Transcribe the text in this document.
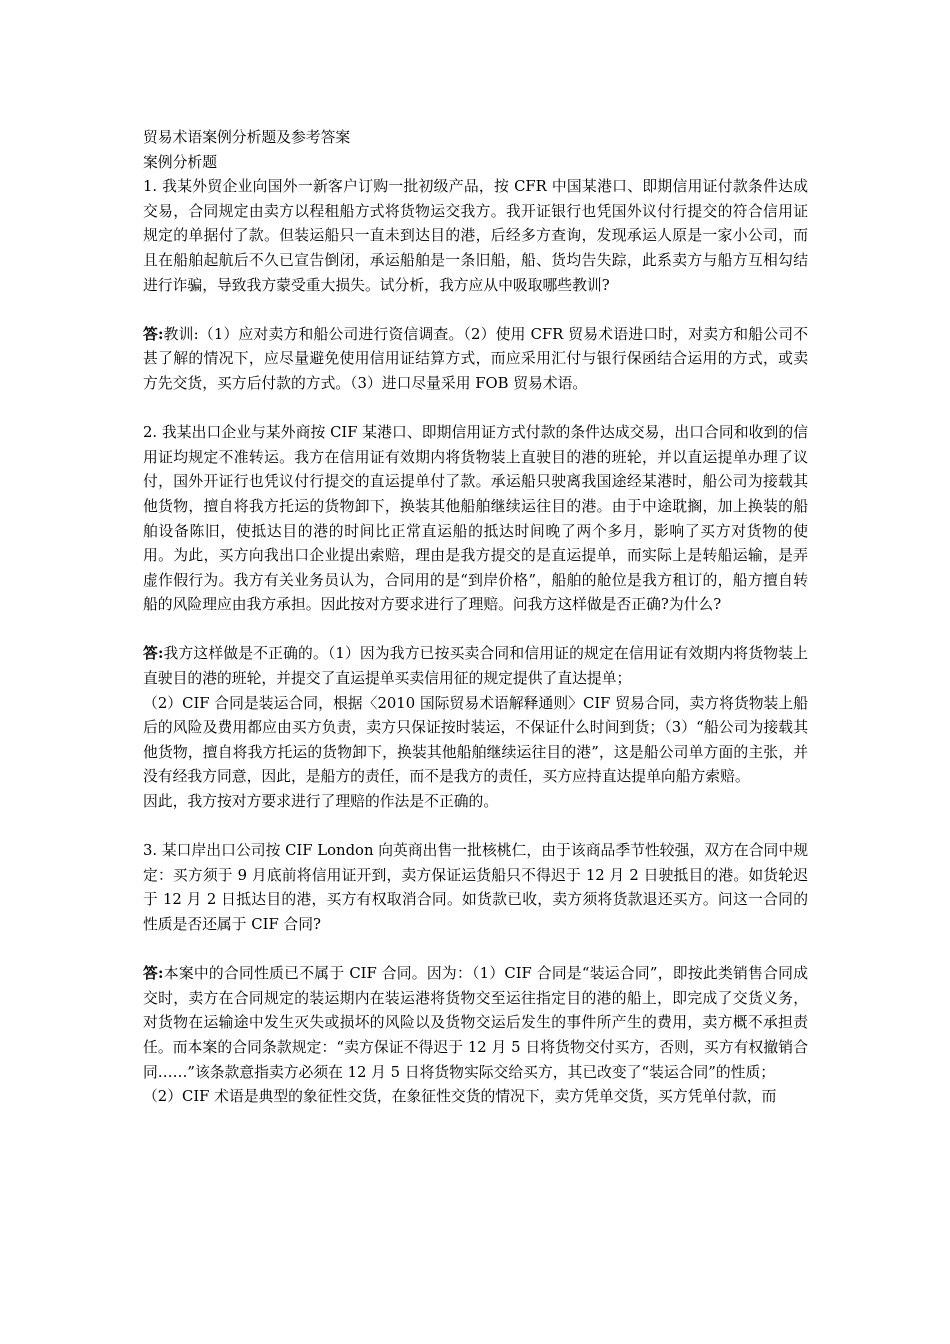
贸易术语案例分析题及参考答案

案例分析题

1. 我某外贸企业向国外一新客户订购一批初级产品，按 CFR 中国某港口、即期信用证付款条件达成交易，合同规定由卖方以程租船方式将货物运交我方。我开证银行也凭国外议付行提交的符合信用证规定的单据付了款。但装运船只一直未到达目的港，后经多方查询，发现承运人原是一家小公司，而且在船舶起航后不久已宣告倒闭，承运船舶是一条旧船，船、货均告失踪，此系卖方与船方互相勾结进行诈骗，导致我方蒙受重大损失。试分析，我方应从中吸取哪些教训?

答:教训:（1）应对卖方和船公司进行资信调查。（2）使用 CFR 贸易术语进口时，对卖方和船公司不甚了解的情况下，应尽量避免使用信用证结算方式，而应采用汇付与银行保函结合运用的方式，或卖方先交货，买方后付款的方式。（3）进口尽量采用 FOB 贸易术语。

2. 我某出口企业与某外商按 CIF 某港口、即期信用证方式付款的条件达成交易，出口合同和收到的信用证均规定不准转运。我方在信用证有效期内将货物装上直驶目的港的班轮，并以直运提单办理了议付，国外开证行也凭议付行提交的直运提单付了款。承运船只驶离我国途经某港时，船公司为接载其他货物，擅自将我方托运的货物卸下，换装其他船舶继续运往目的港。由于中途耽搁，加上换装的船舶设备陈旧，使抵达目的港的时间比正常直运船的抵达时间晚了两个多月，影响了买方对货物的使用。为此，买方向我出口企业提出索赔，理由是我方提交的是直运提单，而实际上是转船运输，是弄虚作假行为。我方有关业务员认为，合同用的是“到岸价格”，船舶的舱位是我方租订的，船方擅自转船的风险理应由我方承担。因此按对方要求进行了理赔。问我方这样做是否正确?为什么?

答:我方这样做是不正确的。（1）因为我方已按买卖合同和信用证的规定在信用证有效期内将货物装上直驶目的港的班轮，并提交了直运提单买卖信用征的规定提供了直达提单；

（2）CIF 合同是装运合同，根据〈2010 国际贸易术语解释通则〉CIF 贸易合同，卖方将货物装上船后的风险及费用都应由买方负责，卖方只保证按时装运，不保证什么时间到货；（3）“船公司为接载其他货物，擅自将我方托运的货物卸下，换装其他船舶继续运往目的港”，这是船公司单方面的主张，并没有经我方同意，因此，是船方的责任，而不是我方的责任，买方应持直达提单向船方索赔。

因此，我方按对方要求进行了理赔的作法是不正确的。

3. 某口岸出口公司按 CIF London 向英商出售一批核桃仁，由于该商品季节性较强，双方在合同中规定：买方须于 9 月底前将信用证开到，卖方保证运货船只不得迟于 12 月 2 日驶抵目的港。如货轮迟于 12 月 2 日抵达目的港，买方有权取消合同。如货款已收，卖方须将货款退还买方。问这一合同的性质是否还属于 CIF 合同?

答:本案中的合同性质已不属于 CIF 合同。因为：（1）CIF 合同是“装运合同”，即按此类销售合同成交时，卖方在合同规定的装运期内在装运港将货物交至运往指定目的港的船上，即完成了交货义务，对货物在运输途中发生灭失或损坏的风险以及货物交运后发生的事件所产生的费用，卖方概不承担责任。而本案的合同条款规定：“卖方保证不得迟于 12 月 5 日将货物交付买方，否则，买方有权撤销合同……”该条款意指卖方必须在 12 月 5 日将货物实际交给买方，其已改变了“装运合同”的性质；

（2）CIF 术语是典型的象征性交货，在象征性交货的情况下，卖方凭单交货，买方凭单付款，而
